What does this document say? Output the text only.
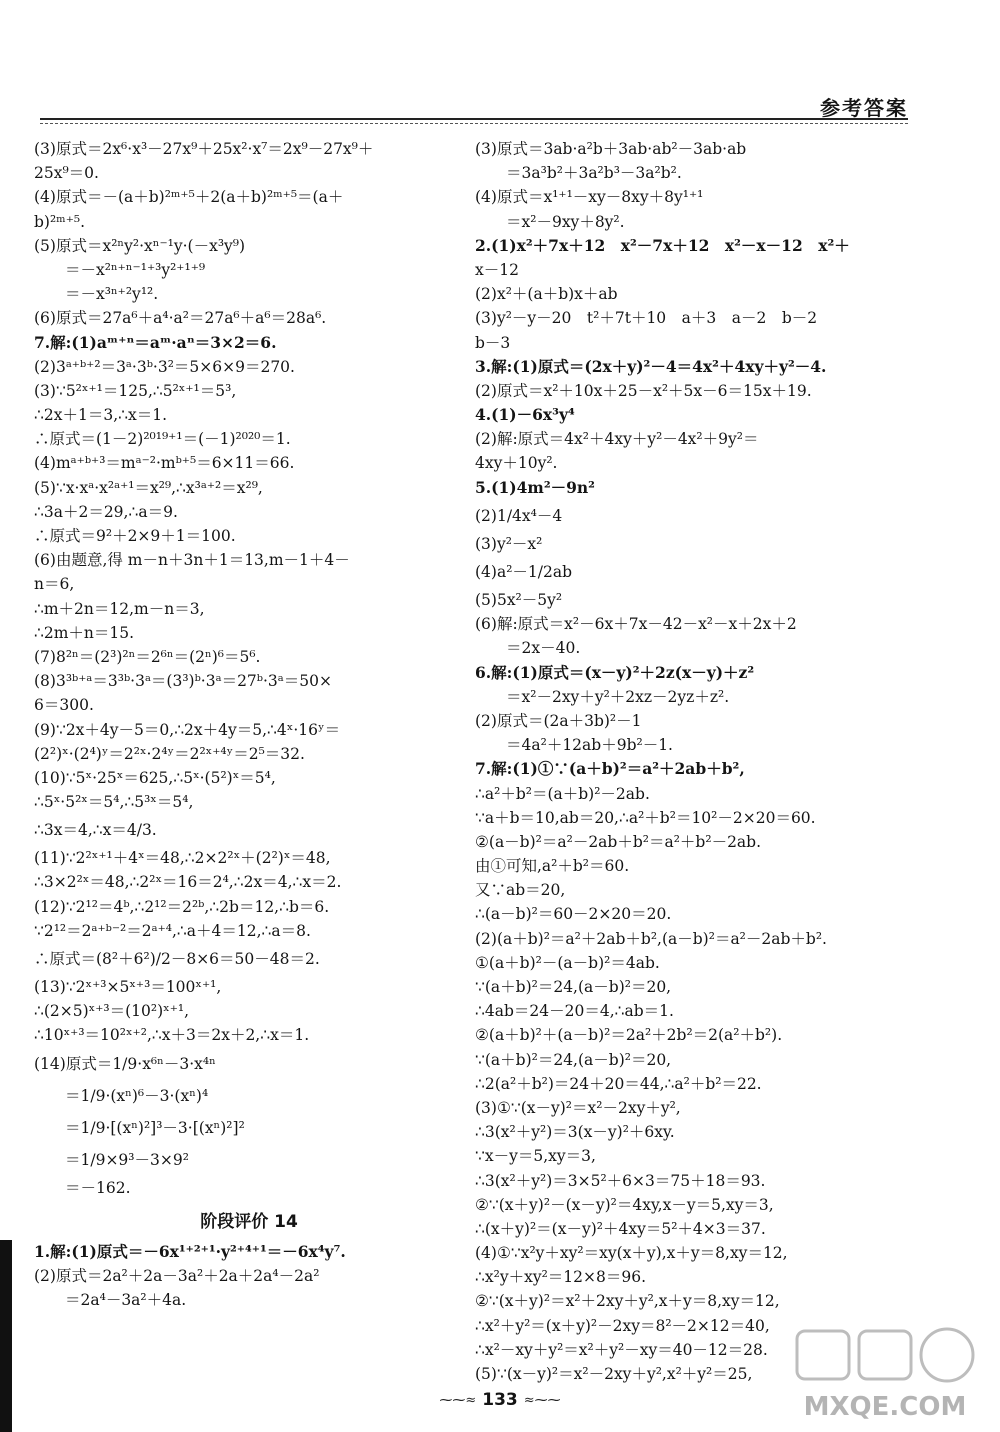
参考答案
(3)原式＝2x⁶·x³－27x⁹＋25x²·x⁷＝2x⁹－27x⁹＋
25x⁹＝0.
(4)原式＝－(a＋b)²ᵐ⁺⁵＋2(a＋b)²ᵐ⁺⁵＝(a＋
b)²ᵐ⁺⁵.
(5)原式＝x²ⁿy²·xⁿ⁻¹y·(－x³y⁹)
　　＝－x²ⁿ⁺ⁿ⁻¹⁺³y²⁺¹⁺⁹
　　＝－x³ⁿ⁺²y¹².
(6)原式＝27a⁶＋a⁴·a²＝27a⁶＋a⁶＝28a⁶.
7.解:(1)aᵐ⁺ⁿ＝aᵐ·aⁿ＝3×2＝6.
(2)3ᵃ⁺ᵇ⁺²＝3ᵃ·3ᵇ·3²＝5×6×9＝270.
(3)∵5²ˣ⁺¹＝125,∴5²ˣ⁺¹＝5³,
∴2x＋1＝3,∴x＝1.
∴原式＝(1－2)²⁰¹⁹⁺¹＝(－1)²⁰²⁰＝1.
(4)mᵃ⁺ᵇ⁺³＝mᵃ⁻²·mᵇ⁺⁵＝6×11＝66.
(5)∵x·xᵃ·x²ᵃ⁺¹＝x²⁹,∴x³ᵃ⁺²＝x²⁹,
∴3a＋2＝29,∴a＝9.
∴原式＝9²＋2×9＋1＝100.
(6)由题意,得 m－n＋3n＋1＝13,m－1＋4－
n＝6,
∴m＋2n＝12,m－n＝3,
∴2m＋n＝15.
(7)8²ⁿ＝(2³)²ⁿ＝2⁶ⁿ＝(2ⁿ)⁶＝5⁶.
(8)3³ᵇ⁺ᵃ＝3³ᵇ·3ᵃ＝(3³)ᵇ·3ᵃ＝27ᵇ·3ᵃ＝50×
6＝300.
(9)∵2x＋4y－5＝0,∴2x＋4y＝5,∴4ˣ·16ʸ＝
(2²)ˣ·(2⁴)ʸ＝2²ˣ·2⁴ʸ＝2²ˣ⁺⁴ʸ＝2⁵＝32.
(10)∵5ˣ·25ˣ＝625,∴5ˣ·(5²)ˣ＝5⁴,
∴5ˣ·5²ˣ＝5⁴,∴5³ˣ＝5⁴,
∴3x＝4,∴x＝4/3.
(11)∵2²ˣ⁺¹＋4ˣ＝48,∴2×2²ˣ＋(2²)ˣ＝48,
∴3×2²ˣ＝48,∴2²ˣ＝16＝2⁴,∴2x＝4,∴x＝2.
(12)∵2¹²＝4ᵇ,∴2¹²＝2²ᵇ,∴2b＝12,∴b＝6.
∵2¹²＝2ᵃ⁺ᵇ⁻²＝2ᵃ⁺⁴,∴a＋4＝12,∴a＝8.
∴原式＝(8²＋6²)/2－8×6＝50－48＝2.
(13)∵2ˣ⁺³×5ˣ⁺³＝100ˣ⁺¹,
∴(2×5)ˣ⁺³＝(10²)ˣ⁺¹,
∴10ˣ⁺³＝10²ˣ⁺²,∴x＋3＝2x＋2,∴x＝1.
(14)原式＝1/9·x⁶ⁿ－3·x⁴ⁿ
　　＝1/9·(xⁿ)⁶－3·(xⁿ)⁴
　　＝1/9·[(xⁿ)²]³－3·[(xⁿ)²]²
　　＝1/9×9³－3×9²
　　＝－162.
阶段评价 14
1.解:(1)原式＝－6x¹⁺²⁺¹·y²⁺⁴⁺¹＝－6x⁴y⁷.
(2)原式＝2a²＋2a－3a²＋2a＋2a⁴－2a²
　　＝2a⁴－3a²＋4a.
(3)原式＝3ab·a²b＋3ab·ab²－3ab·ab
　　＝3a³b²＋3a²b³－3a²b².
(4)原式＝x¹⁺¹－xy－8xy＋8y¹⁺¹
　　＝x²－9xy＋8y².
2.(1)x²＋7x＋12　x²－7x＋12　x²－x－12　x²＋
x－12
(2)x²＋(a＋b)x＋ab
(3)y²－y－20　t²＋7t＋10　a＋3　a－2　b－2
b－3
3.解:(1)原式＝(2x＋y)²－4＝4x²＋4xy＋y²－4.
(2)原式＝x²＋10x＋25－x²＋5x－6＝15x＋19.
4.(1)－6x³y⁴
(2)解:原式＝4x²＋4xy＋y²－4x²＋9y²＝
4xy＋10y².
5.(1)4m²－9n²
(2)1/4x⁴－4
(3)y²－x²
(4)a²－1/2ab
(5)5x²－5y²
(6)解:原式＝x²－6x＋7x－42－x²－x＋2x＋2
　　＝2x－40.
6.解:(1)原式＝(x－y)²＋2z(x－y)＋z²
　　＝x²－2xy＋y²＋2xz－2yz＋z².
(2)原式＝(2a＋3b)²－1
　　＝4a²＋12ab＋9b²－1.
7.解:(1)①∵(a＋b)²＝a²＋2ab＋b²,
∴a²＋b²＝(a＋b)²－2ab.
∵a＋b＝10,ab＝20,∴a²＋b²＝10²－2×20＝60.
②(a－b)²＝a²－2ab＋b²＝a²＋b²－2ab.
由①可知,a²＋b²＝60.
又∵ab＝20,
∴(a－b)²＝60－2×20＝20.
(2)(a＋b)²＝a²＋2ab＋b²,(a－b)²＝a²－2ab＋b².
①(a＋b)²－(a－b)²＝4ab.
∵(a＋b)²＝24,(a－b)²＝20,
∴4ab＝24－20＝4,∴ab＝1.
②(a＋b)²＋(a－b)²＝2a²＋2b²＝2(a²＋b²).
∵(a＋b)²＝24,(a－b)²＝20,
∴2(a²＋b²)＝24＋20＝44,∴a²＋b²＝22.
(3)①∵(x－y)²＝x²－2xy＋y²,
∴3(x²＋y²)＝3(x－y)²＋6xy.
∵x－y＝5,xy＝3,
∴3(x²＋y²)＝3×5²＋6×3＝75＋18＝93.
②∵(x＋y)²－(x－y)²＝4xy,x－y＝5,xy＝3,
∴(x＋y)²＝(x－y)²＋4xy＝5²＋4×3＝37.
(4)①∵x²y＋xy²＝xy(x＋y),x＋y＝8,xy＝12,
∴x²y＋xy²＝12×8＝96.
②∵(x＋y)²＝x²＋2xy＋y²,x＋y＝8,xy＝12,
∴x²＋y²＝(x＋y)²－2xy＝8²－2×12＝40,
∴x²－xy＋y²＝x²＋y²－xy＝40－12＝28.
(5)∵(x－y)²＝x²－2xy＋y²,x²＋y²＝25,
⁓⁓≈ 133 ≈⁓⁓	MXQE.COM
